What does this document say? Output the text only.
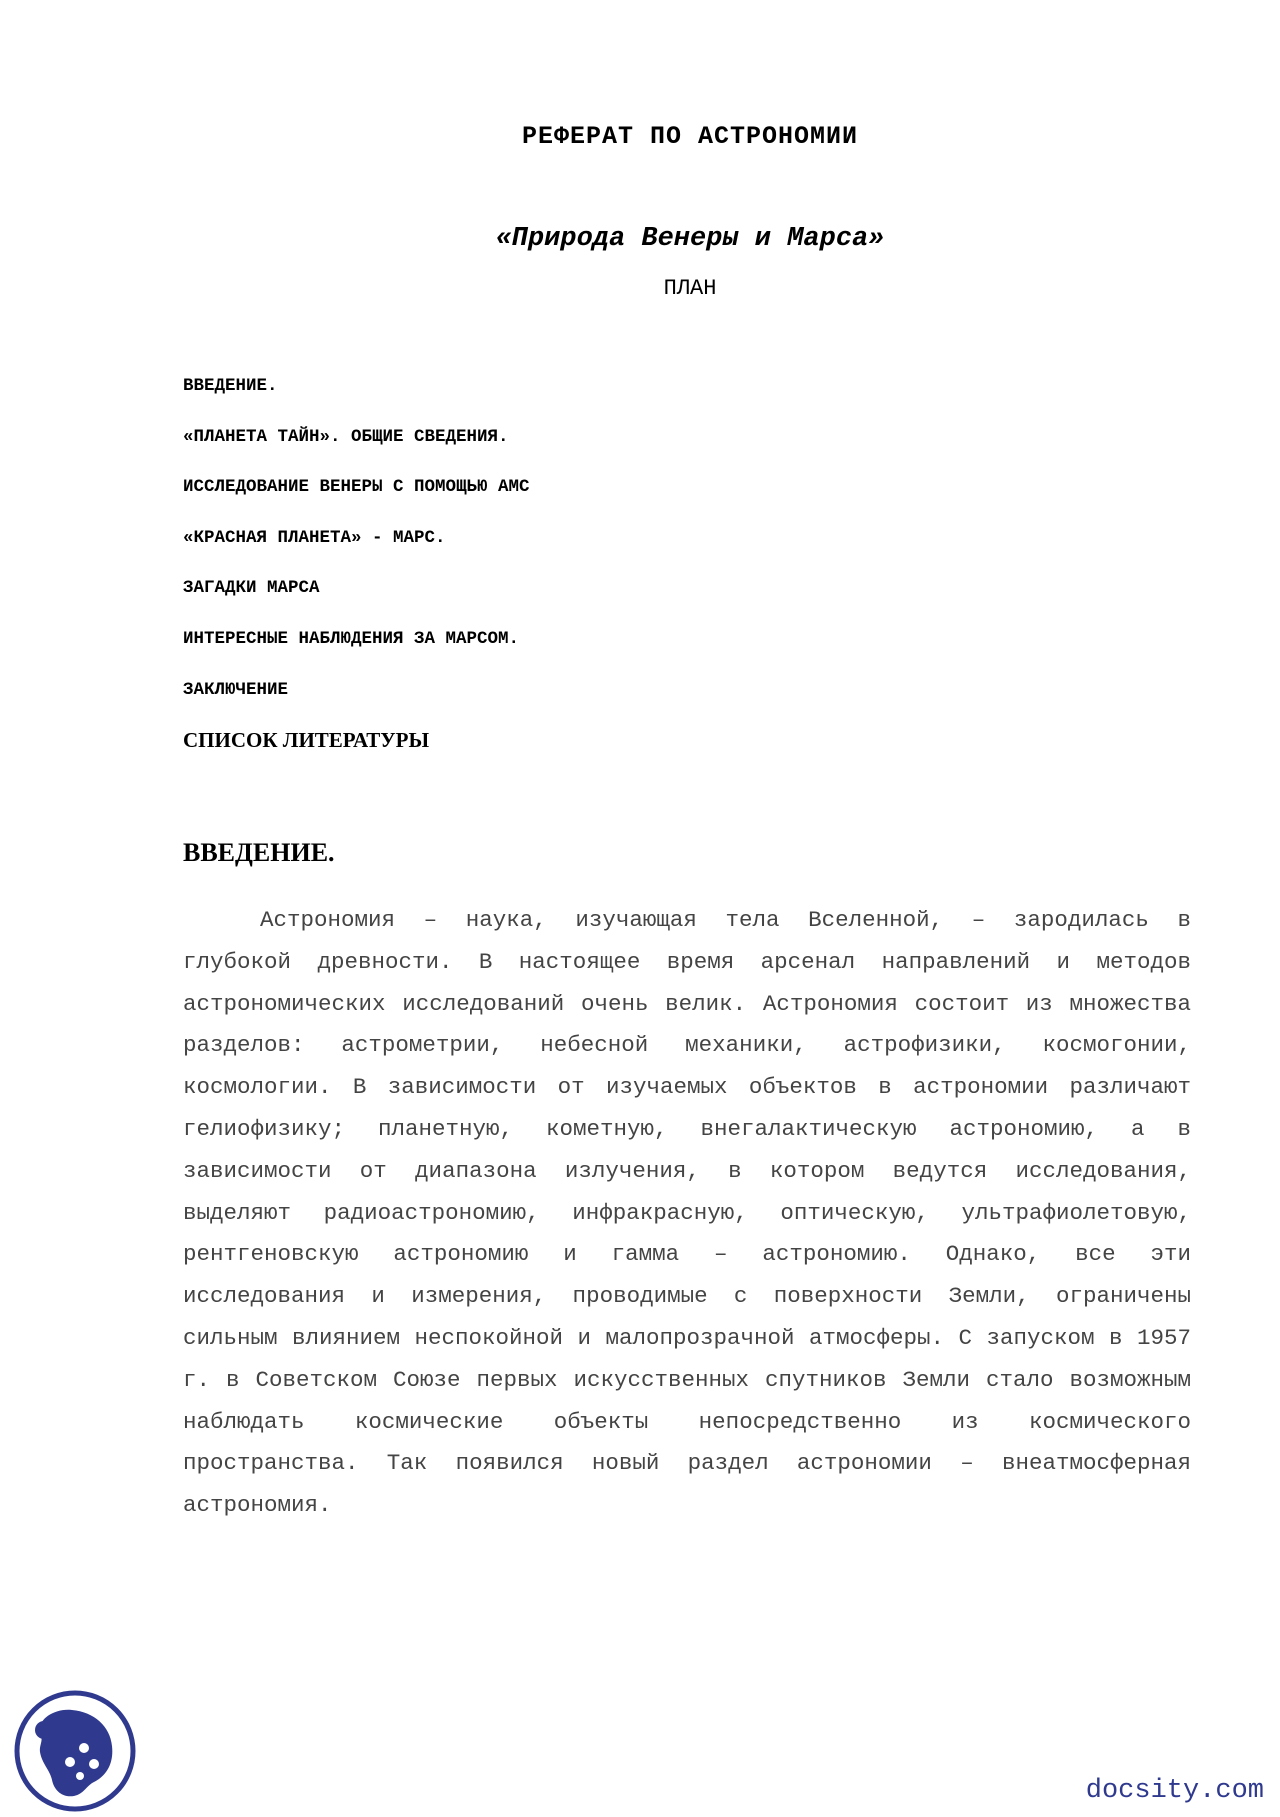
РЕФЕРАТ ПО АСТРОНОМИИ
«Природа Венеры и Марса»
ПЛАН
ВВЕДЕНИЕ.
«ПЛАНЕТА ТАЙН». ОБЩИЕ СВЕДЕНИЯ.
ИССЛЕДОВАНИЕ ВЕНЕРЫ С ПОМОЩЬЮ АМС
«КРАСНАЯ ПЛАНЕТА» - МАРС.
ЗАГАДКИ МАРСА
ИНТЕРЕСНЫЕ НАБЛЮДЕНИЯ ЗА МАРСОМ.
ЗАКЛЮЧЕНИЕ
СПИСОК ЛИТЕРАТУРЫ
ВВЕДЕНИЕ.

Астрономия – наука, изучающая тела Вселенной, – зародилась в глубокой древности. В настоящее время арсенал направлений и методов астрономических исследований очень велик. Астрономия состоит из множества разделов: астрометрии, небесной механики, астрофизики, космогонии, космологии. В зависимости от изучаемых объектов в астрономии различают гелиофизику; планетную, кометную, внегалактическую астрономию, а в зависимости от диапазона излучения, в котором ведутся исследования, выделяют радиоастрономию, инфракрасную, оптическую, ультрафиолетовую, рентгеновскую астрономию и гамма – астрономию. Однако, все эти исследования и измерения, проводимые с поверхности Земли, ограничены сильным влиянием неспокойной и малопрозрачной атмосферы. С запуском в 1957 г. в Советском Союзе первых искусственных спутников Земли стало возможным наблюдать космические объекты непосредственно из космического пространства. Так появился новый раздел астрономии – внеатмосферная астрономия.

docsity.com
